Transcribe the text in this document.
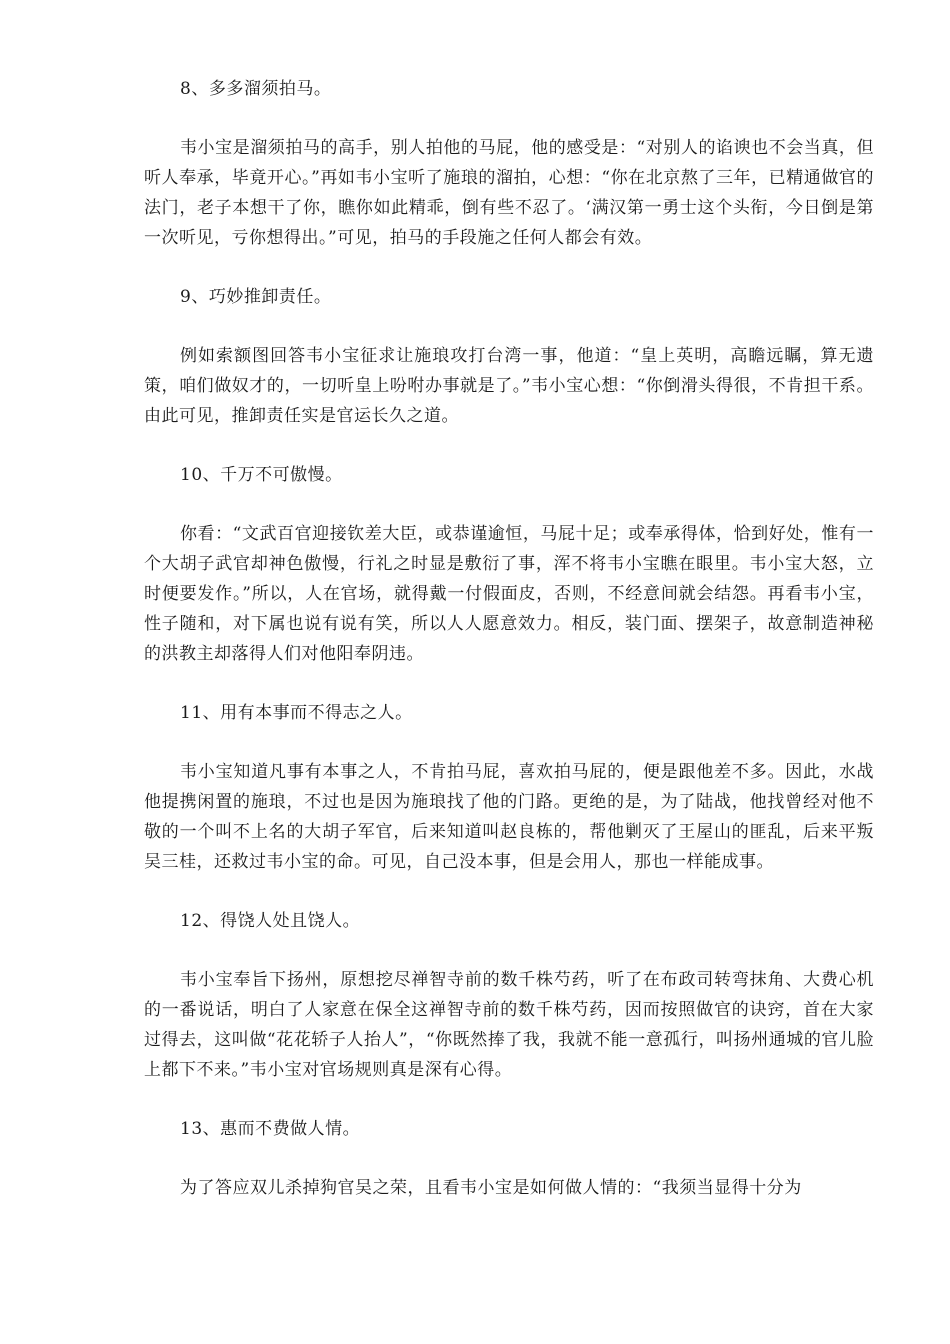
8、多多溜须拍马。

韦小宝是溜须拍马的高手，别人拍他的马屁，他的感受是：“对别人的谄谀也不会当真，但听人奉承，毕竟开心。”再如韦小宝听了施琅的溜拍，心想：“你在北京熬了三年，已精通做官的法门，老子本想干了你，瞧你如此精乖，倒有些不忍了。‘满汉第一勇士这个头衔，今日倒是第一次听见，亏你想得出。”可见，拍马的手段施之任何人都会有效。

9、巧妙推卸责任。

例如索额图回答韦小宝征求让施琅攻打台湾一事，他道：“皇上英明，高瞻远瞩，算无遗策，咱们做奴才的，一切听皇上吩咐办事就是了。”韦小宝心想：“你倒滑头得很，不肯担干系。由此可见，推卸责任实是官运长久之道。

10、千万不可傲慢。

你看：“文武百官迎接钦差大臣，或恭谨逾恒，马屁十足；或奉承得体，恰到好处，惟有一个大胡子武官却神色傲慢，行礼之时显是敷衍了事，浑不将韦小宝瞧在眼里。韦小宝大怒，立时便要发作。”所以，人在官场，就得戴一付假面皮，否则，不经意间就会结怨。再看韦小宝，性子随和，对下属也说有说有笑，所以人人愿意效力。相反，装门面、摆架子，故意制造神秘的洪教主却落得人们对他阳奉阴违。

11、用有本事而不得志之人。

韦小宝知道凡事有本事之人，不肯拍马屁，喜欢拍马屁的，便是跟他差不多。因此，水战他提携闲置的施琅，不过也是因为施琅找了他的门路。更绝的是，为了陆战，他找曾经对他不敬的一个叫不上名的大胡子军官，后来知道叫赵良栋的，帮他剿灭了王屋山的匪乱，后来平叛吴三桂，还救过韦小宝的命。可见，自己没本事，但是会用人，那也一样能成事。

12、得饶人处且饶人。

韦小宝奉旨下扬州，原想挖尽禅智寺前的数千株芍药，听了在布政司转弯抹角、大费心机的一番说话，明白了人家意在保全这禅智寺前的数千株芍药，因而按照做官的诀窍，首在大家过得去，这叫做“花花轿子人抬人”，“你既然捧了我，我就不能一意孤行，叫扬州通城的官儿脸上都下不来。”韦小宝对官场规则真是深有心得。

13、惠而不费做人情。

为了答应双儿杀掉狗官吴之荣，且看韦小宝是如何做人情的：“我须当显得十分为
